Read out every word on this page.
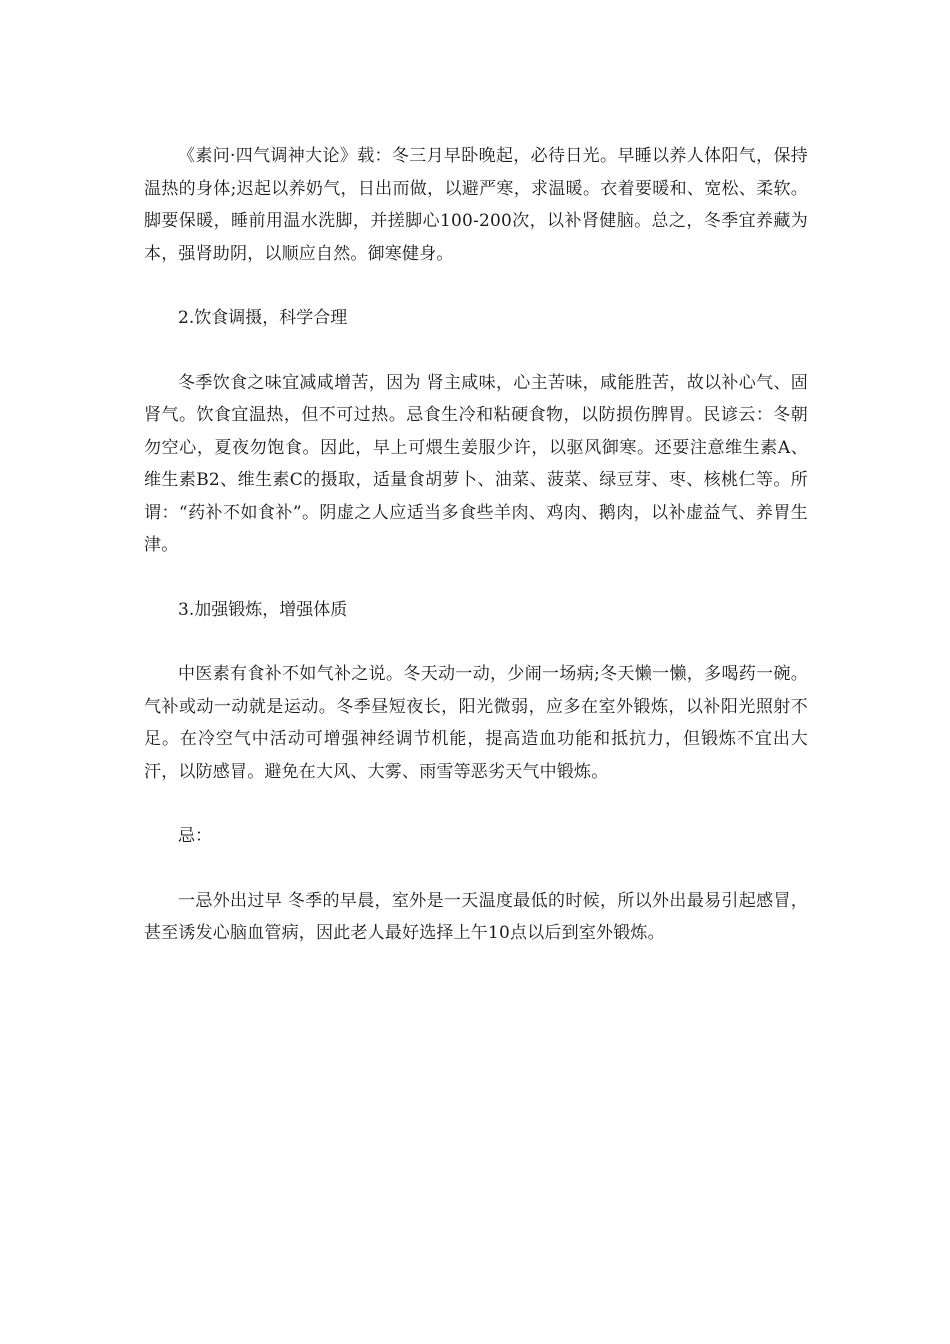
《素问·四气调神大论》载：冬三月早卧晚起，必待日光。早睡以养人体阳气，保持温热的身体;迟起以养奶气，日出而做，以避严寒，求温暖。衣着要暖和、宽松、柔软。脚要保暖，睡前用温水洗脚，并搓脚心100-200次，以补肾健脑。总之，冬季宜养藏为本，强肾助阴，以顺应自然。御寒健身。

2.饮食调摄，科学合理

冬季饮食之味宜减咸增苦，因为 肾主咸味，心主苦味，咸能胜苦，故以补心气、固肾气。饮食宜温热，但不可过热。忌食生冷和粘硬食物，以防损伤脾胃。民谚云：冬朝勿空心，夏夜勿饱食。因此，早上可煨生姜服少许，以驱风御寒。还要注意维生素A、维生素B2、维生素C的摄取，适量食胡萝卜、油菜、菠菜、绿豆芽、枣、核桃仁等。所谓：“药补不如食补”。阴虚之人应适当多食些羊肉、鸡肉、鹅肉，以补虚益气、养胃生津。

3.加强锻炼，增强体质

中医素有食补不如气补之说。冬天动一动，少闹一场病;冬天懒一懒，多喝药一碗。气补或动一动就是运动。冬季昼短夜长，阳光微弱，应多在室外锻炼，以补阳光照射不足。在冷空气中活动可增强神经调节机能，提高造血功能和抵抗力，但锻炼不宜出大汗，以防感冒。避免在大风、大雾、雨雪等恶劣天气中锻炼。

忌：

一忌外出过早 冬季的早晨，室外是一天温度最低的时候，所以外出最易引起感冒，甚至诱发心脑血管病，因此老人最好选择上午10点以后到室外锻炼。
